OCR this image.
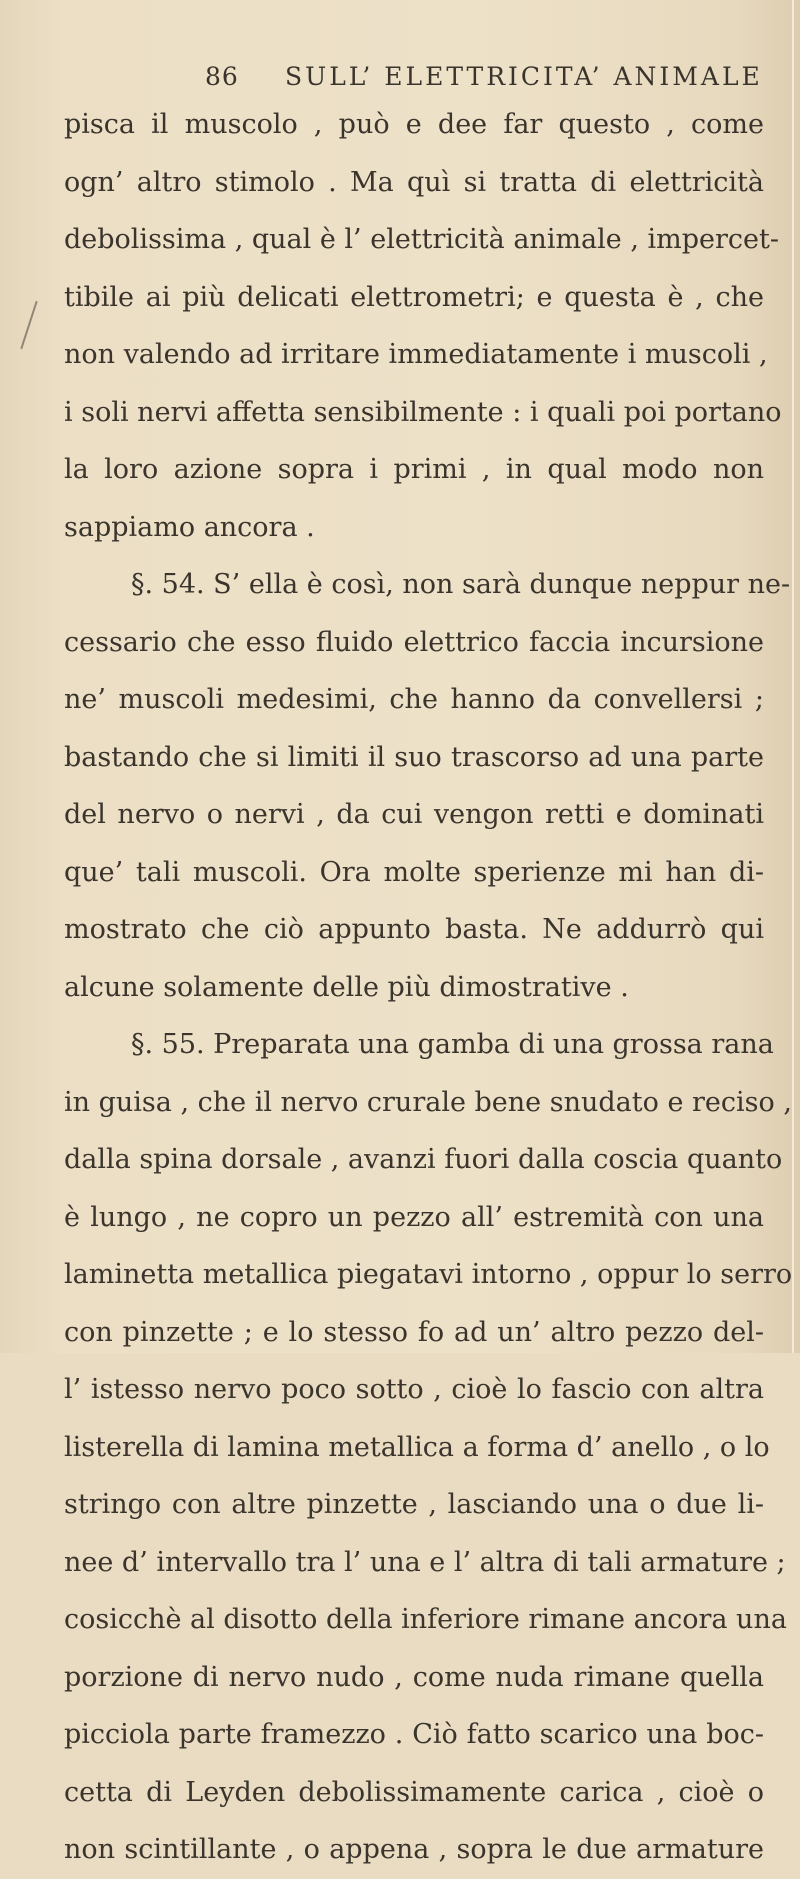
86 SULL’ ELETTRICITA’ ANIMALE
pisca il muscolo , può e dee far questo , come
ogn’ altro stimolo . Ma quì si tratta di elettricità
debolissima , qual è l’ elettricità animale , impercet-
tibile ai più delicati elettrometri; e questa è , che
non valendo ad irritare immediatamente i muscoli ,
i soli nervi affetta sensibilmente : i quali poi portano
la loro azione sopra i primi , in qual modo non
sappiamo ancora .
§. 54. S’ ella è così, non sarà dunque neppur ne-
cessario che esso fluido elettrico faccia incursione
ne’ muscoli medesimi, che hanno da convellersi ;
bastando che si limiti il suo trascorso ad una parte
del nervo o nervi , da cui vengon retti e dominati
que’ tali muscoli. Ora molte sperienze mi han di-
mostrato che ciò appunto basta. Ne addurrò qui
alcune solamente delle più dimostrative .
§. 55. Preparata una gamba di una grossa rana
in guisa , che il nervo crurale bene snudato e reciso ,
dalla spina dorsale , avanzi fuori dalla coscia quanto
è lungo , ne copro un pezzo all’ estremità con una
laminetta metallica piegatavi intorno , oppur lo serro
con pinzette ; e lo stesso fo ad un’ altro pezzo del-
l’ istesso nervo poco sotto , cioè lo fascio con altra
listerella di lamina metallica a forma d’ anello , o lo
stringo con altre pinzette , lasciando una o due li-
nee d’ intervallo tra l’ una e l’ altra di tali armature ;
cosicchè al disotto della inferiore rimane ancora una
porzione di nervo nudo , come nuda rimane quella
picciola parte framezzo . Ciò fatto scarico una boc-
cetta di Leyden debolissimamente carica , cioè o
non scintillante , o appena , sopra le due armature
